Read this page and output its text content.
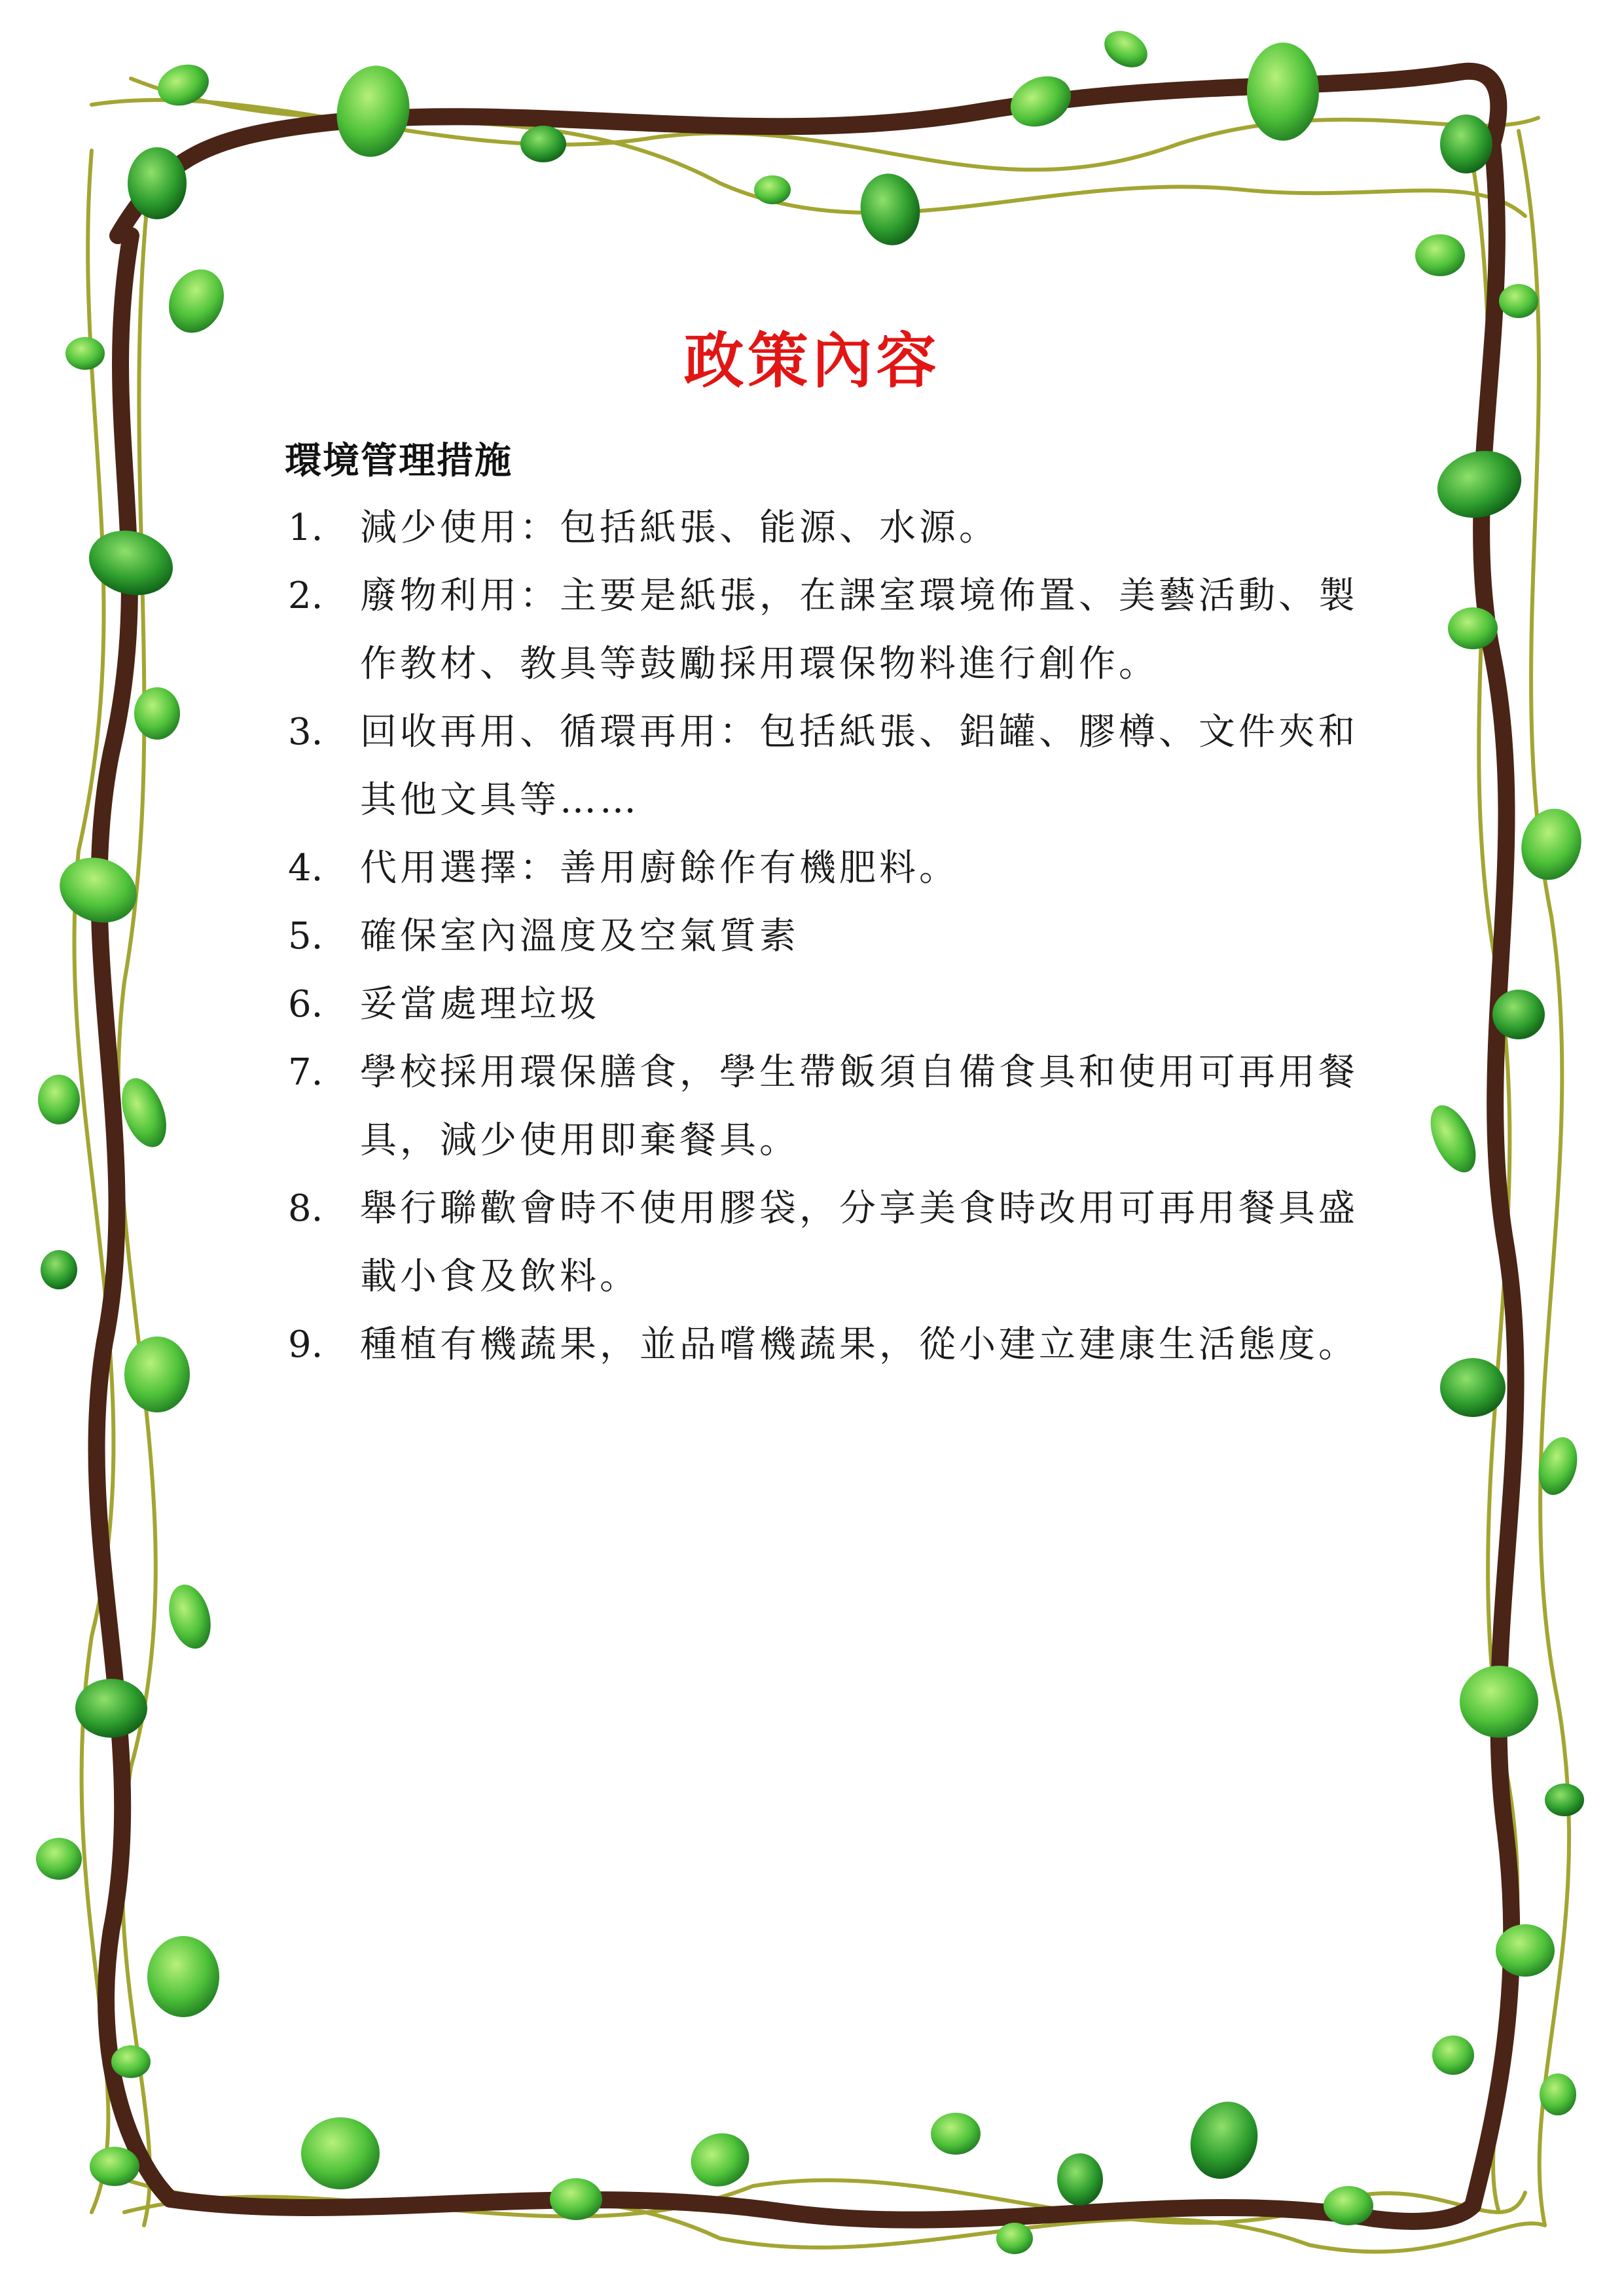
政策內容
環境管理措施
1.	減少使用：包括紙張、能源、水源。
2.	廢物利用：主要是紙張，在課室環境佈置、美藝活動、製作教材、教具等鼓勵採用環保物料進行創作。
3.	回收再用、循環再用：包括紙張、鋁罐、膠樽、文件夾和其他文具等……
4.	代用選擇：善用廚餘作有機肥料。
5.	確保室內溫度及空氣質素
6.	妥當處理垃圾
7.	學校採用環保膳食，學生帶飯須自備食具和使用可再用餐具，減少使用即棄餐具。
8.	舉行聯歡會時不使用膠袋，分享美食時改用可再用餐具盛載小食及飲料。
9.	種植有機蔬果，並品嚐機蔬果，從小建立建康生活態度。
